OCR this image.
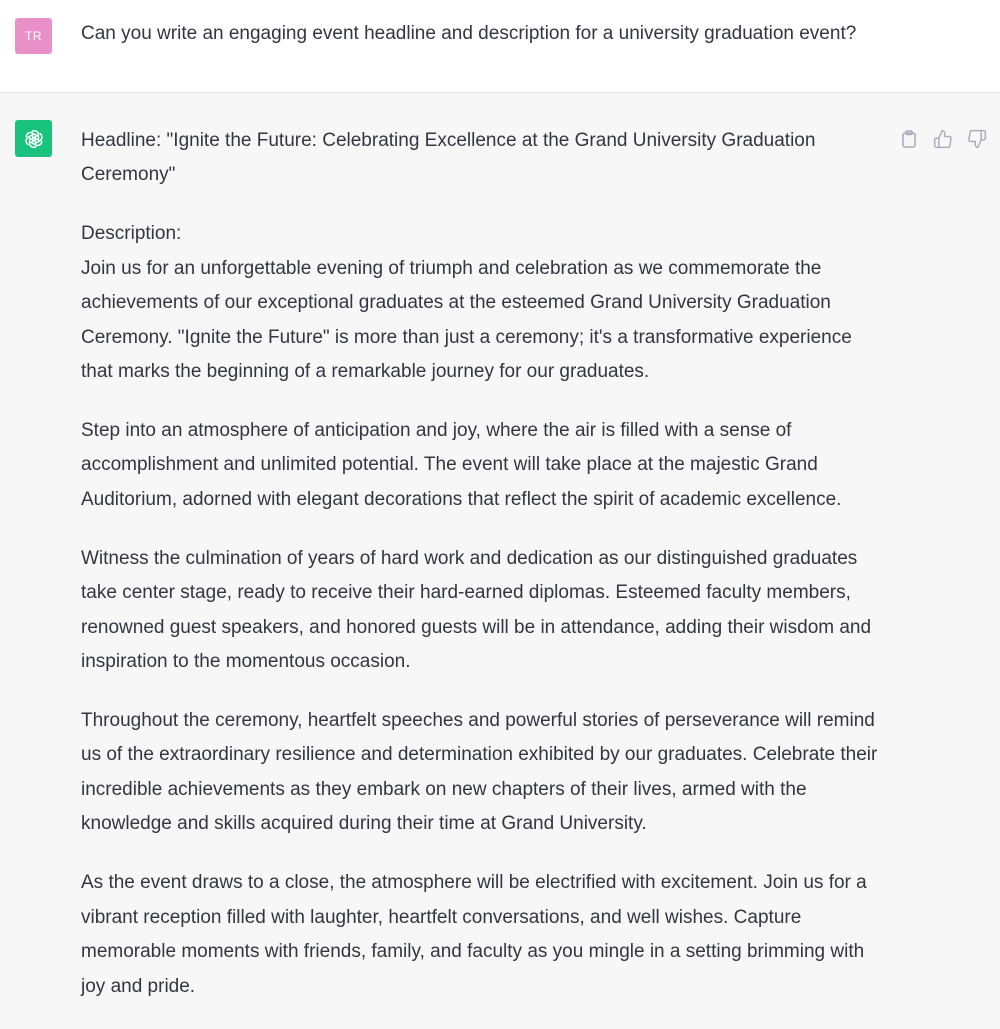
TR	Can you write an engaging event headline and description for a university graduation event?

Headline: "Ignite the Future: Celebrating Excellence at the Grand University Graduation Ceremony"

Description:

Join us for an unforgettable evening of triumph and celebration as we commemorate the achievements of our exceptional graduates at the esteemed Grand University Graduation Ceremony. "Ignite the Future" is more than just a ceremony; it's a transformative experience that marks the beginning of a remarkable journey for our graduates.

Step into an atmosphere of anticipation and joy, where the air is filled with a sense of accomplishment and unlimited potential. The event will take place at the majestic Grand Auditorium, adorned with elegant decorations that reflect the spirit of academic excellence.

Witness the culmination of years of hard work and dedication as our distinguished graduates take center stage, ready to receive their hard-earned diplomas. Esteemed faculty members, renowned guest speakers, and honored guests will be in attendance, adding their wisdom and inspiration to the momentous occasion.

Throughout the ceremony, heartfelt speeches and powerful stories of perseverance will remind us of the extraordinary resilience and determination exhibited by our graduates. Celebrate their incredible achievements as they embark on new chapters of their lives, armed with the knowledge and skills acquired during their time at Grand University.

As the event draws to a close, the atmosphere will be electrified with excitement. Join us for a vibrant reception filled with laughter, heartfelt conversations, and well wishes. Capture memorable moments with friends, family, and faculty as you mingle in a setting brimming with joy and pride.
